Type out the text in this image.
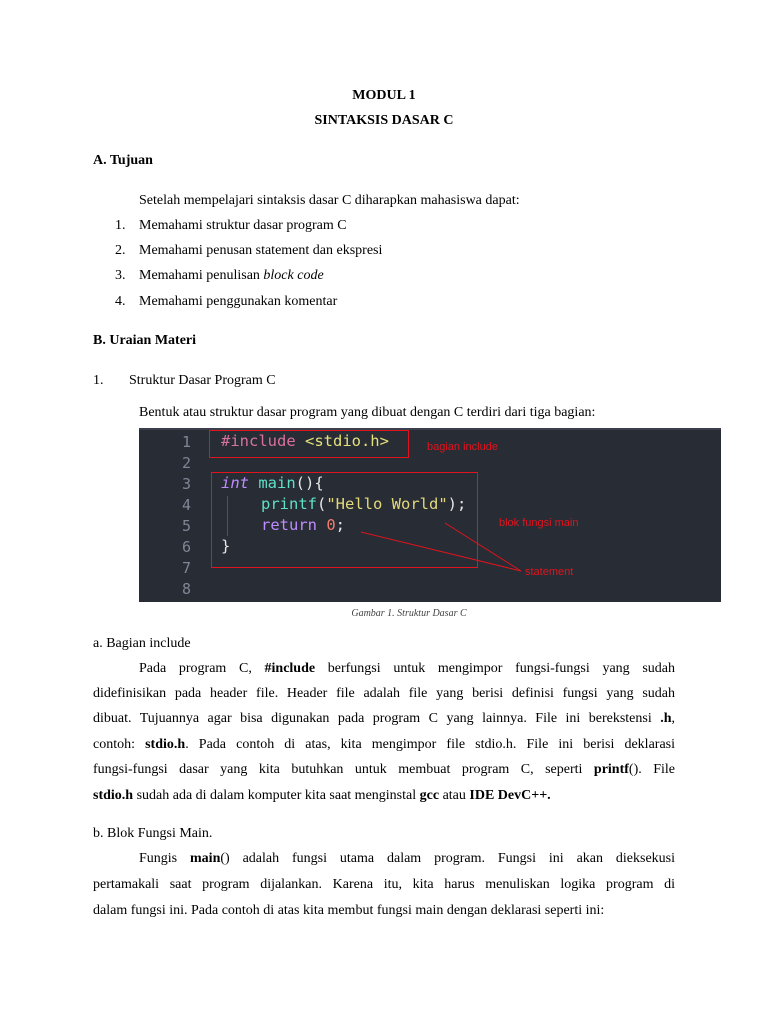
MODUL 1
SINTAKSIS DASAR C
A. Tujuan
Setelah mempelajari sintaksis dasar C diharapkan mahasiswa dapat:
1. Memahami struktur dasar program C
2. Memahami penusan statement dan ekspresi
3. Memahami penulisan block code
4. Memahami penggunakan komentar
B. Uraian Materi
1. Struktur Dasar Program C
Bentuk atau struktur dasar program yang dibuat dengan C terdiri dari tiga bagian:
1
2
3
4
5
6
7
8
#include <stdio.h>
int main(){
printf("Hello World");
return 0;
}
bagian include
blok fungsi main
statement
Gambar 1. Struktur Dasar C
a. Bagian include
Pada program C, #include berfungsi untuk mengimpor fungsi-fungsi yang sudah
didefinisikan pada header file. Header file adalah file yang berisi definisi fungsi yang sudah
dibuat. Tujuannya agar bisa digunakan pada program C yang lainnya. File ini berekstensi .h,
contoh: stdio.h. Pada contoh di atas, kita mengimpor file stdio.h. File ini berisi deklarasi
fungsi-fungsi dasar yang kita butuhkan untuk membuat program C, seperti printf(). File
stdio.h sudah ada di dalam komputer kita saat menginstal gcc atau IDE DevC++.
b. Blok Fungsi Main.
Fungis main() adalah fungsi utama dalam program. Fungsi ini akan dieksekusi
pertamakali saat program dijalankan. Karena itu, kita harus menuliskan logika program di
dalam fungsi ini. Pada contoh di atas kita membut fungsi main dengan deklarasi seperti ini:
